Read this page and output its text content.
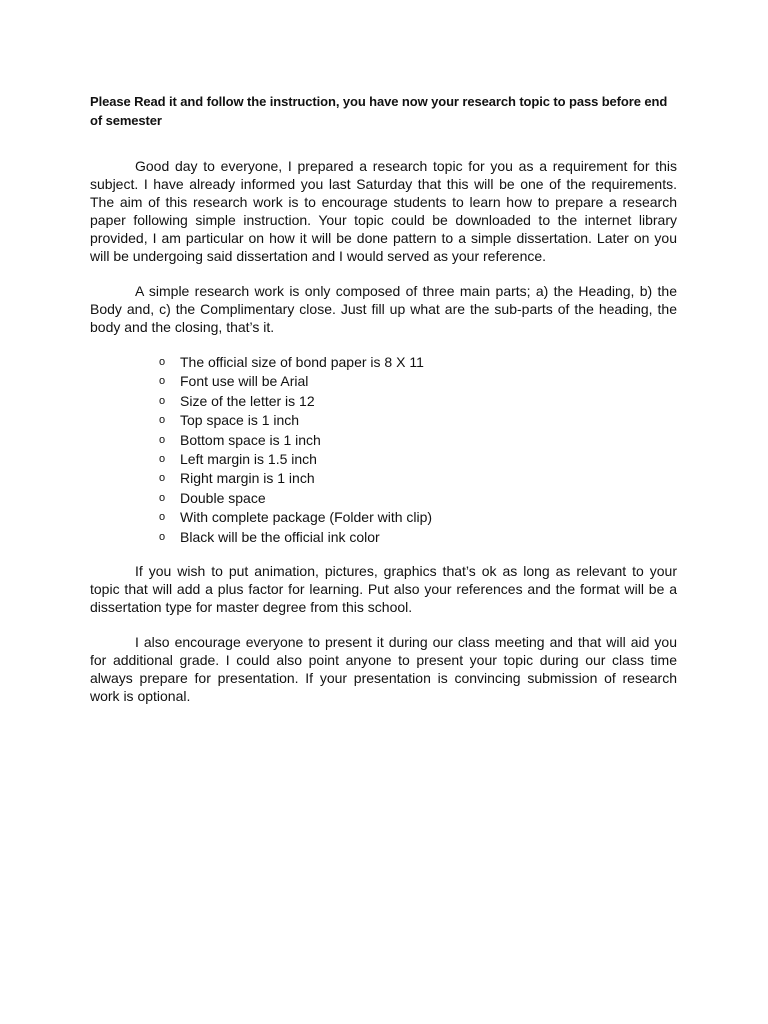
Please Read it and follow the instruction, you have now your research topic to pass before end of semester

Good day to everyone, I prepared a research topic for you as a requirement for this subject. I have already informed you last Saturday that this will be one of the requirements. The aim of this research work is to encourage students to learn how to prepare a research paper following simple instruction. Your topic could be downloaded to the internet library provided, I am particular on how it will be done pattern to a simple dissertation. Later on you will be undergoing said dissertation and I would served as your reference.

A simple research work is only composed of three main parts; a) the Heading, b) the Body and, c) the Complimentary close. Just fill up what are the sub-parts of the heading, the body and the closing, that’s it.

o The official size of bond paper is 8 X 11
o Font use will be Arial
o Size of the letter is 12
o Top space is 1 inch
o Bottom space is 1 inch
o Left margin is 1.5 inch
o Right margin is 1 inch
o Double space
o With complete package (Folder with clip)
o Black will be the official ink color

If you wish to put animation, pictures, graphics that’s ok as long as relevant to your topic that will add a plus factor for learning. Put also your references and the format will be a dissertation type for master degree from this school.

I also encourage everyone to present it during our class meeting and that will aid you for additional grade. I could also point anyone to present your topic during our class time always prepare for presentation. If your presentation is convincing submission of research work is optional.
